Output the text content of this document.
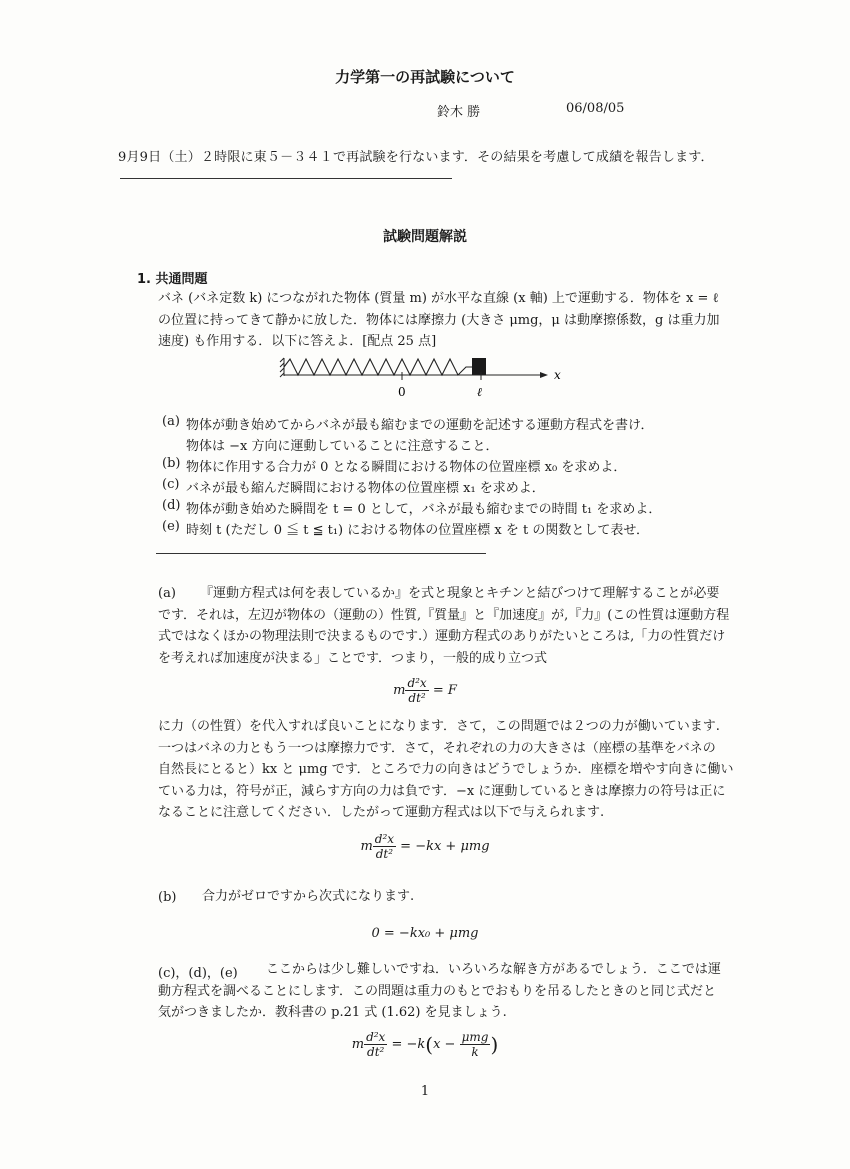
力学第一の再試験について
鈴木 勝	06/08/05
9月9日（土）２時限に東５－３４１で再試験を行ないます．その結果を考慮して成績を報告します．
試験問題解説
1. 共通問題
バネ (バネ定数 k) につながれた物体 (質量 m) が水平な直線 (x 軸) 上で運動する．物体を x = ℓ
の位置に持ってきて静かに放した．物体には摩擦力 (大きさ μmg，μ は動摩擦係数，g は重力加
速度) も作用する．以下に答えよ．[配点 25 点]
0	ℓ
x
(a) 物体が動き始めてからバネが最も縮むまでの運動を記述する運動方程式を書け．
物体は −x 方向に運動していることに注意すること．
(b) 物体に作用する合力が 0 となる瞬間における物体の位置座標 x₀ を求めよ．
(c) バネが最も縮んだ瞬間における物体の位置座標 x₁ を求めよ．
(d) 物体が動き始めた瞬間を t = 0 として，バネが最も縮むまでの時間 t₁ を求めよ．
(e) 時刻 t (ただし 0 ≦ t ≦ t₁) における物体の位置座標 x を t の関数として表せ．
(a)	『運動方程式は何を表しているか』を式と現象とキチンと結びつけて理解することが必要
です．それは，左辺が物体の（運動の）性質,『質量』と『加速度』が,『力』(この性質は運動方程
式ではなくほかの物理法則で決まるものです.）運動方程式のありがたいところは,「力の性質だけ
を考えれば加速度が決まる」ことです．つまり，一般的成り立つ式
m $\frac{\text{d²x}}{\text{dt²}} = F$
に力（の性質）を代入すれば良いことになります．さて，この問題では２つの力が働いています.
一つはバネの力ともう一つは摩擦力です．さて，それぞれの力の大きさは（座標の基準をバネの
自然長にとると）kx と μmg です．ところで力の向きはどうでしょうか．座標を増やす向きに働い
ている力は，符号が正，減らす方向の力は負です．−x に運動しているときは摩擦力の符号は正に
なることに注意してください．したがって運動方程式は以下で与えられます.
m $\frac{\text{d²x}}{\text{dt²}} = -kx + \mu mg$
(b) 合力がゼロですから次式になります.
0 = −kx₀ + μmg
(c)，(d)，(e)	ここからは少し難しいですね．いろいろな解き方があるでしょう．ここでは運
動方程式を調べることにします．この問題は重力のもとでおもりを吊るしたときのと同じ式だと
気がつきましたか．教科書の p.21 式 (1.62) を見ましょう.
m $\frac{\text{d²x}}{\text{dt²}} = -k(x - \frac{\text{μmg}}{k}$ )
1
